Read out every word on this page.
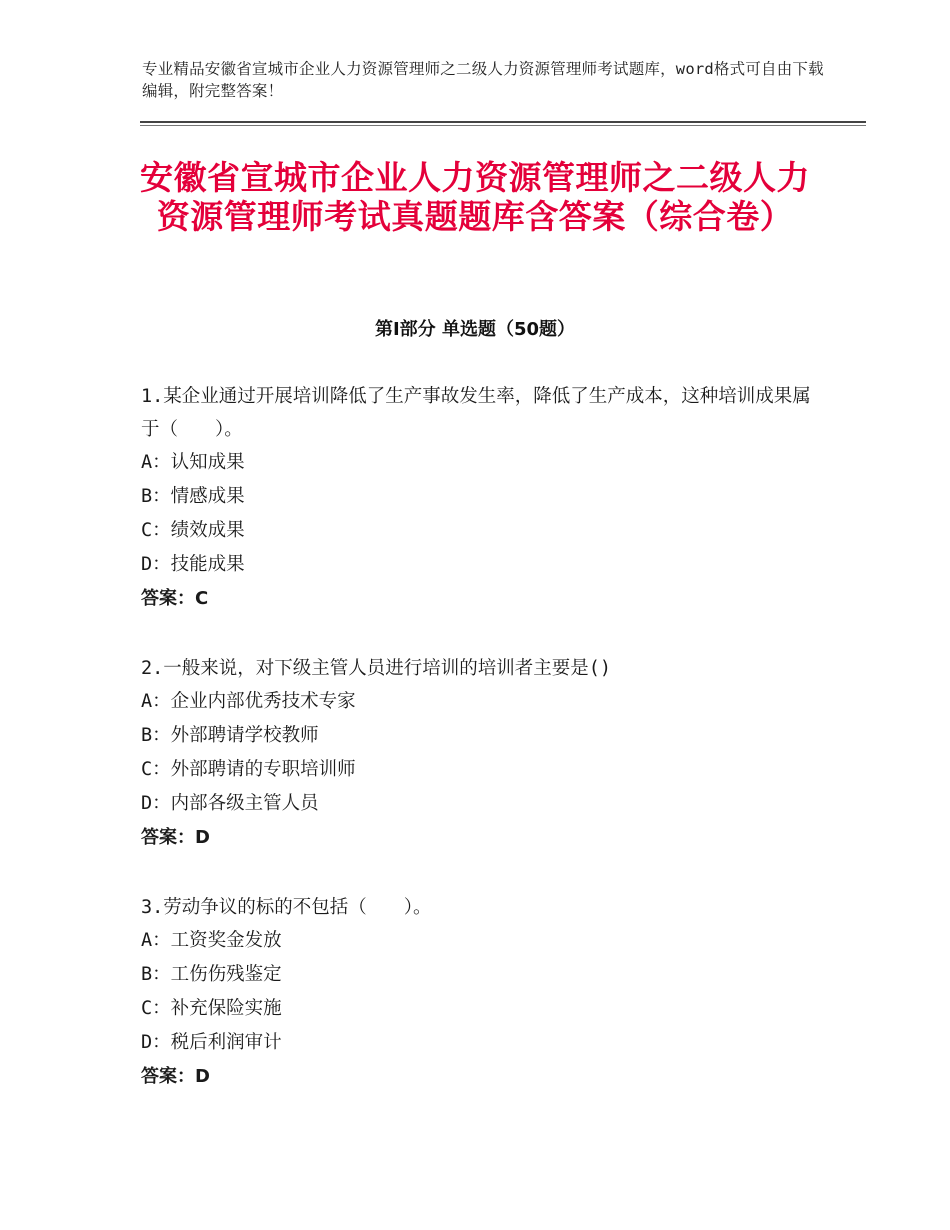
专业精品安徽省宣城市企业人力资源管理师之二级人力资源管理师考试题库，word格式可自由下载编辑，附完整答案！
安徽省宣城市企业人力资源管理师之二级人力资源管理师考试真题题库含答案（综合卷）
第Ⅰ部分 单选题（50题）

1.某企业通过开展培训降低了生产事故发生率，降低了生产成本，这种培训成果属于（　　）。

A：认知成果

B：情感成果

C：绩效成果

D：技能成果

答案：C

2.一般来说，对下级主管人员进行培训的培训者主要是()

A：企业内部优秀技术专家

B：外部聘请学校教师

C：外部聘请的专职培训师

D：内部各级主管人员

答案：D

3.劳动争议的标的不包括（　　）。

A：工资奖金发放

B：工伤伤残鉴定

C：补充保险实施

D：税后利润审计

答案：D
